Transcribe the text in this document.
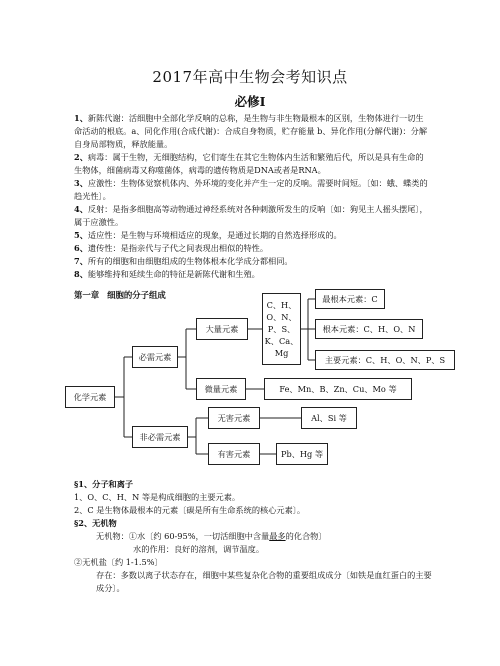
2017年高中生物会考知识点
必修Ⅰ

1、新陈代谢：活细胞中全部化学反响的总称，是生物与非生物最根本的区别，生物体进行一切生命活动的根底。a、同化作用(合成代谢)：合成自身物质，贮存能量 b、异化作用(分解代谢)：分解自身局部物质，释放能量。

2、病毒：属于生物，无细胞结构，它们寄生在其它生物体内生活和繁殖后代，所以是具有生命的生物体，细菌病毒又称噬菌体，病毒的遗传物质是DNA或者是RNA。

3、应激性：生物体觉察机体内、外环境的变化并产生一定的反响。需要时间短。〔如：蛾、蝶类的趋光性〕。

4、反射：是指多细胞高等动物通过神经系统对各种刺激所发生的反响〔如：狗见主人摇头摆尾〕，属于应激性。

5、适应性：是生物与环境相适应的现象，是通过长期的自然选择形成的。

6、遗传性：是指亲代与子代之间表现出相似的特性。

7、所有的细胞和由细胞组成的生物体根本化学成分都相同。

8、能够维持和延续生命的特征是新陈代谢和生殖。

第一章 细胞的分子组成
化学元素
必需元素
非必需元素
大量元素
C、H、
O、N、
P、S、
K、Ca、
Mg
最根本元素：C
根本元素：C、H、O、N
主要元素：C、H、O、N、P、S
微量元素	Fe、Mn、B、Zn、Cu、Mo 等
无害元素	Al、Si 等
有害元素	Pb、Hg 等

§1、分子和离子

1、O、C、H、N 等是构成细胞的主要元素。

2、C 是生物体最根本的元素〔碳是所有生命系统的核心元素〕。

§2、无机物

无机物：①水〔约 60-95%，一切活细胞中含量最多的化合物〕

水的作用：良好的溶剂，调节温度。

②无机盐〔约 1-1.5%〕

存在：多数以离子状态存在，细胞中某些复杂化合物的重要组成成分〔如铁是血红蛋白的主要成分〕。
